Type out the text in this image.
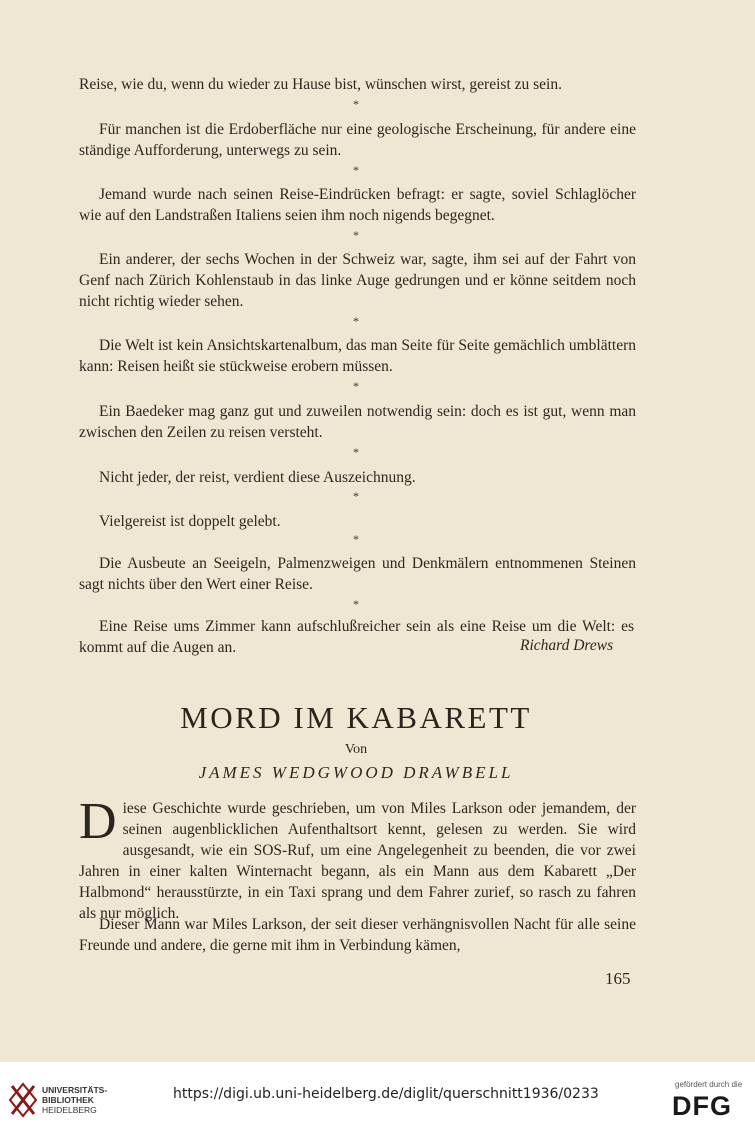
Reise, wie du, wenn du wieder zu Hause bist, wünschen wirst, gereist zu sein.

*

Für manchen ist die Erdoberfläche nur eine geologische Erscheinung, für andere eine ständige Aufforderung, unterwegs zu sein.

*

Jemand wurde nach seinen Reise-Eindrücken befragt: er sagte, soviel Schlaglöcher wie auf den Landstraßen Italiens seien ihm noch nigends begegnet.

*

Ein anderer, der sechs Wochen in der Schweiz war, sagte, ihm sei auf der Fahrt von Genf nach Zürich Kohlenstaub in das linke Auge gedrungen und er könne seitdem noch nicht richtig wieder sehen.

*

Die Welt ist kein Ansichtskartenalbum, das man Seite für Seite gemächlich umblättern kann: Reisen heißt sie stückweise erobern müssen.

*

Ein Baedeker mag ganz gut und zuweilen notwendig sein: doch es ist gut, wenn man zwischen den Zeilen zu reisen versteht.

*

Nicht jeder, der reist, verdient diese Auszeichnung.

*

Vielgereist ist doppelt gelebt.

*

Die Ausbeute an Seeigeln, Palmenzweigen und Denkmälern entnommenen Steinen sagt nichts über den Wert einer Reise.

*

Eine Reise ums Zimmer kann aufschlußreicher sein als eine Reise um die Welt: es kommt auf die Augen an.	Richard Drews
MORD IM KABARETT
Von
JAMES WEDGWOOD DRAWBELL
Diese Geschichte wurde geschrieben, um von Miles Larkson oder jemandem, der seinen augenblicklichen Aufenthaltsort kennt, gelesen zu werden. Sie wird ausgesandt, wie ein SOS-Ruf, um eine Angelegenheit zu beenden, die vor zwei Jahren in einer kalten Winternacht begann, als ein Mann aus dem Kabarett „Der Halbmond“ herausstürzte, in ein Taxi sprang und dem Fahrer zurief, so rasch zu fahren als nur möglich.

Dieser Mann war Miles Larkson, der seit dieser verhängnisvollen Nacht für alle seine Freunde und andere, die gerne mit ihm in Verbindung kämen,

165
UNIVERSITÄTS-
BIBLIOTHEK
HEIDELBERG
https://digi.ub.uni-heidelberg.de/diglit/querschnitt1936/0233
gefördert durch die
DFG
